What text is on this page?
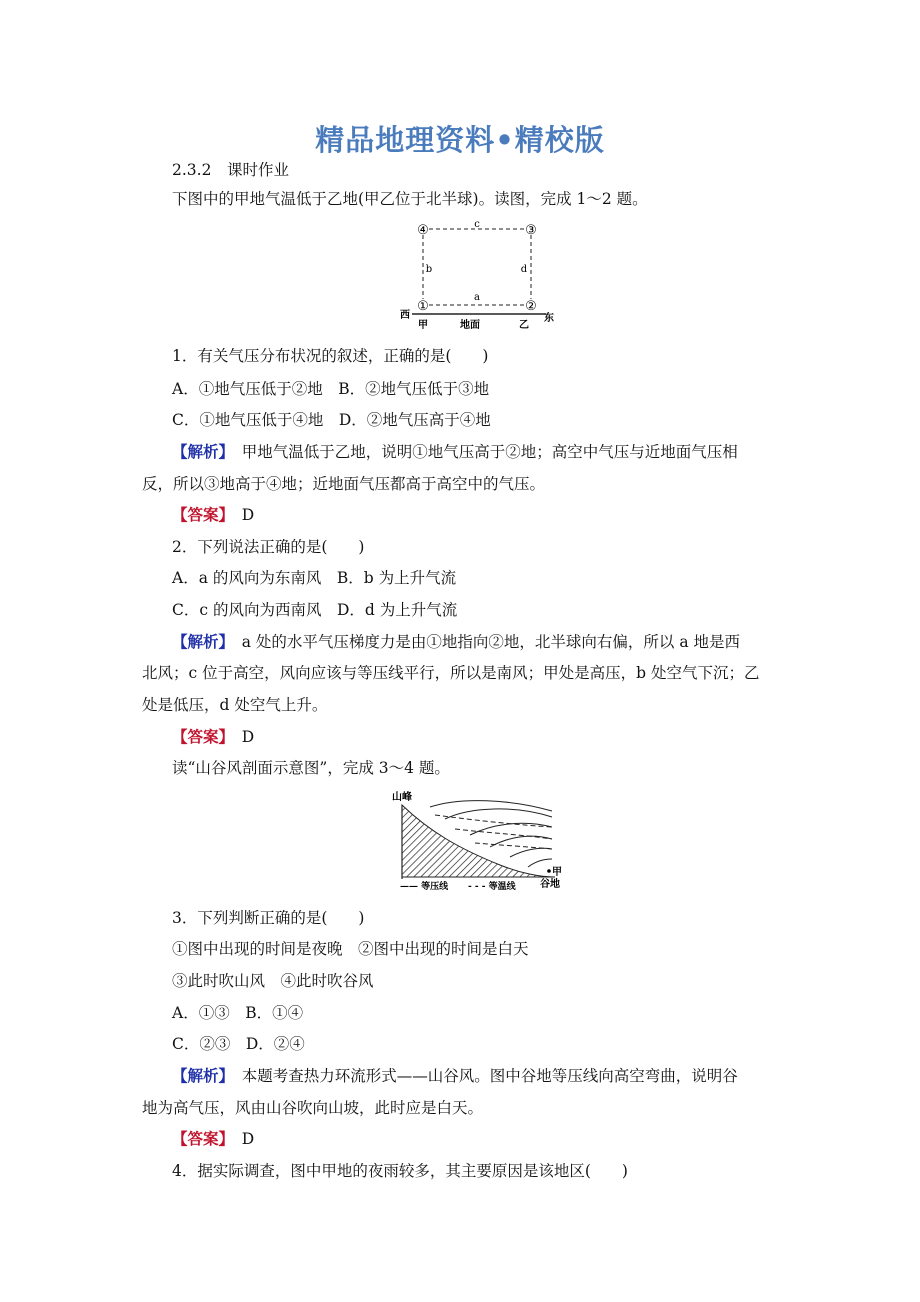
精品地理资料•精校版
2.3.2　课时作业
下图中的甲地气温低于乙地(甲乙位于北半球)。读图，完成 1～2 题。
④	③
①	②
c
b	d
a
西	东
甲	地面	乙
1．有关气压分布状况的叙述，正确的是(　　)
A．①地气压低于②地　B．②地气压低于③地
C．①地气压低于④地　D．②地气压高于④地
【解析】　甲地气温低于乙地，说明①地气压高于②地；高空中气压与近地面气压相
反，所以③地高于④地；近地面气压都高于高空中的气压。
【答案】　D
2．下列说法正确的是(　　)
A．a 的风向为东南风　B．b 为上升气流
C．c 的风向为西南风　D．d 为上升气流
【解析】　a 处的水平气压梯度力是由①地指向②地，北半球向右偏，所以 a 地是西
北风；c 位于高空，风向应该与等压线平行，所以是南风；甲处是高压，b 处空气下沉；乙
处是低压，d 处空气上升。
【答案】　D
读“山谷风剖面示意图”，完成 3～4 题。
山峰
甲
谷地
—— 等压线 - - - 等温线
3．下列判断正确的是(　　)
①图中出现的时间是夜晚　②图中出现的时间是白天
③此时吹山风　④此时吹谷风
A．①③　B．①④
C．②③　D．②④
【解析】　本题考查热力环流形式——山谷风。图中谷地等压线向高空弯曲，说明谷
地为高气压，风由山谷吹向山坡，此时应是白天。
【答案】　D
4．据实际调查，图中甲地的夜雨较多，其主要原因是该地区(　　)
